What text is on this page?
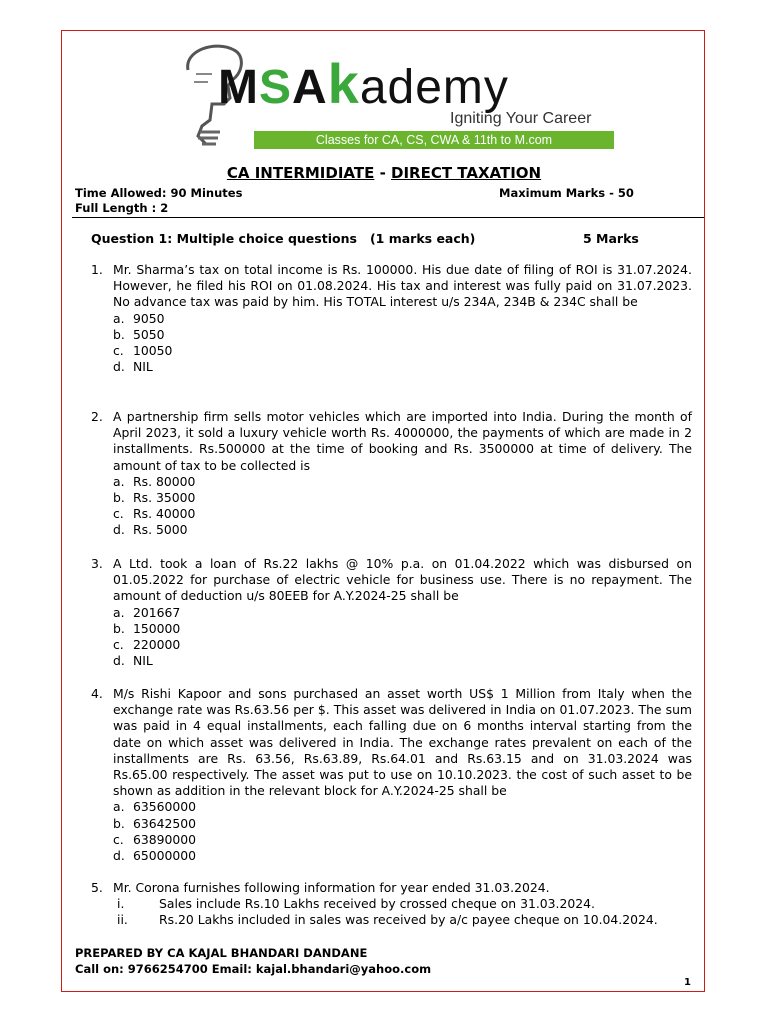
MSAkademy
Igniting Your Career
Classes for CA, CS, CWA & 11th to M.com
CA INTERMIDIATE - DIRECT TAXATION
Time Allowed: 90 Minutes	Maximum Marks - 50
Full Length : 2
Question 1: Multiple choice questions   (1 marks each)	5 Marks
1. Mr. Sharma’s tax on total income is Rs. 100000. His due date of filing of ROI is 31.07.2024. However, he filed his ROI on 01.08.2024. His tax and interest was fully paid on 31.07.2023. No advance tax was paid by him. His TOTAL interest u/s 234A, 234B & 234C shall be
a. 9050
b. 5050
c. 10050
d. NIL
2. A partnership firm sells motor vehicles which are imported into India. During the month of April 2023, it sold a luxury vehicle worth Rs. 4000000, the payments of which are made in 2 installments. Rs.500000 at the time of booking and Rs. 3500000 at time of delivery. The amount of tax to be collected is
a. Rs. 80000
b. Rs. 35000
c. Rs. 40000
d. Rs. 5000
3. A Ltd. took a loan of Rs.22 lakhs @ 10% p.a. on 01.04.2022 which was disbursed on 01.05.2022 for purchase of electric vehicle for business use. There is no repayment. The amount of deduction u/s 80EEB for A.Y.2024-25 shall be
a. 201667
b. 150000
c. 220000
d. NIL
4. M/s Rishi Kapoor and sons purchased an asset worth US$ 1 Million from Italy when the exchange rate was Rs.63.56 per $. This asset was delivered in India on 01.07.2023. The sum was paid in 4 equal installments, each falling due on 6 months interval starting from the date on which asset was delivered in India. The exchange rates prevalent on each of the installments are Rs. 63.56, Rs.63.89, Rs.64.01 and Rs.63.15 and on 31.03.2024 was Rs.65.00 respectively. The asset was put to use on 10.10.2023. the cost of such asset to be shown as addition in the relevant block for A.Y.2024-25 shall be
a. 63560000
b. 63642500
c. 63890000
d. 65000000
5. Mr. Corona furnishes following information for year ended 31.03.2024.
i.	Sales include Rs.10 Lakhs received by crossed cheque on 31.03.2024.
ii.	Rs.20 Lakhs included in sales was received by a/c payee cheque on 10.04.2024.
PREPARED BY CA KAJAL BHANDARI DANDANE
Call on: 9766254700 Email: kajal.bhandari@yahoo.com
1
